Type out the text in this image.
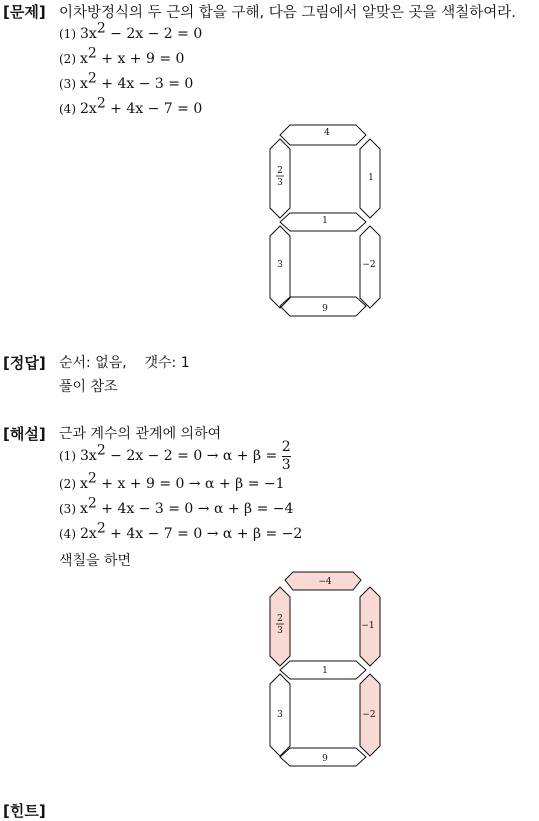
[문제] 이차방정식의 두 근의 합을 구해, 다음 그림에서 알맞은 곳을 색칠하여라.
(1) $3x^2 - 2x - 2 = 0$
(2) $x^2 + x + 9 = 0$
(3) $x^2 + 4x - 3 = 0$
(4) $2x^2 + 4x - 7 = 0$
4
2
3	1
1
3	−2
9
[정답] 순서: 없음,    갯수: 1
풀이 참조
[해설] 근과 계수의 관계에 의하여
(1) $3x^2 - 2x - 2 = 0 \to \alpha + \beta = \frac{2}{3}$
(2) $x^2 + x + 9 = 0 \to \alpha + \beta = -1$
(3) $x^2 + 4x - 3 = 0 \to \alpha + \beta = -4$
(4) $2x^2 + 4x - 7 = 0 \to \alpha + \beta = -2$
색칠을 하면
−4
2
3	−1
1
3	−2
9
[힌트]
